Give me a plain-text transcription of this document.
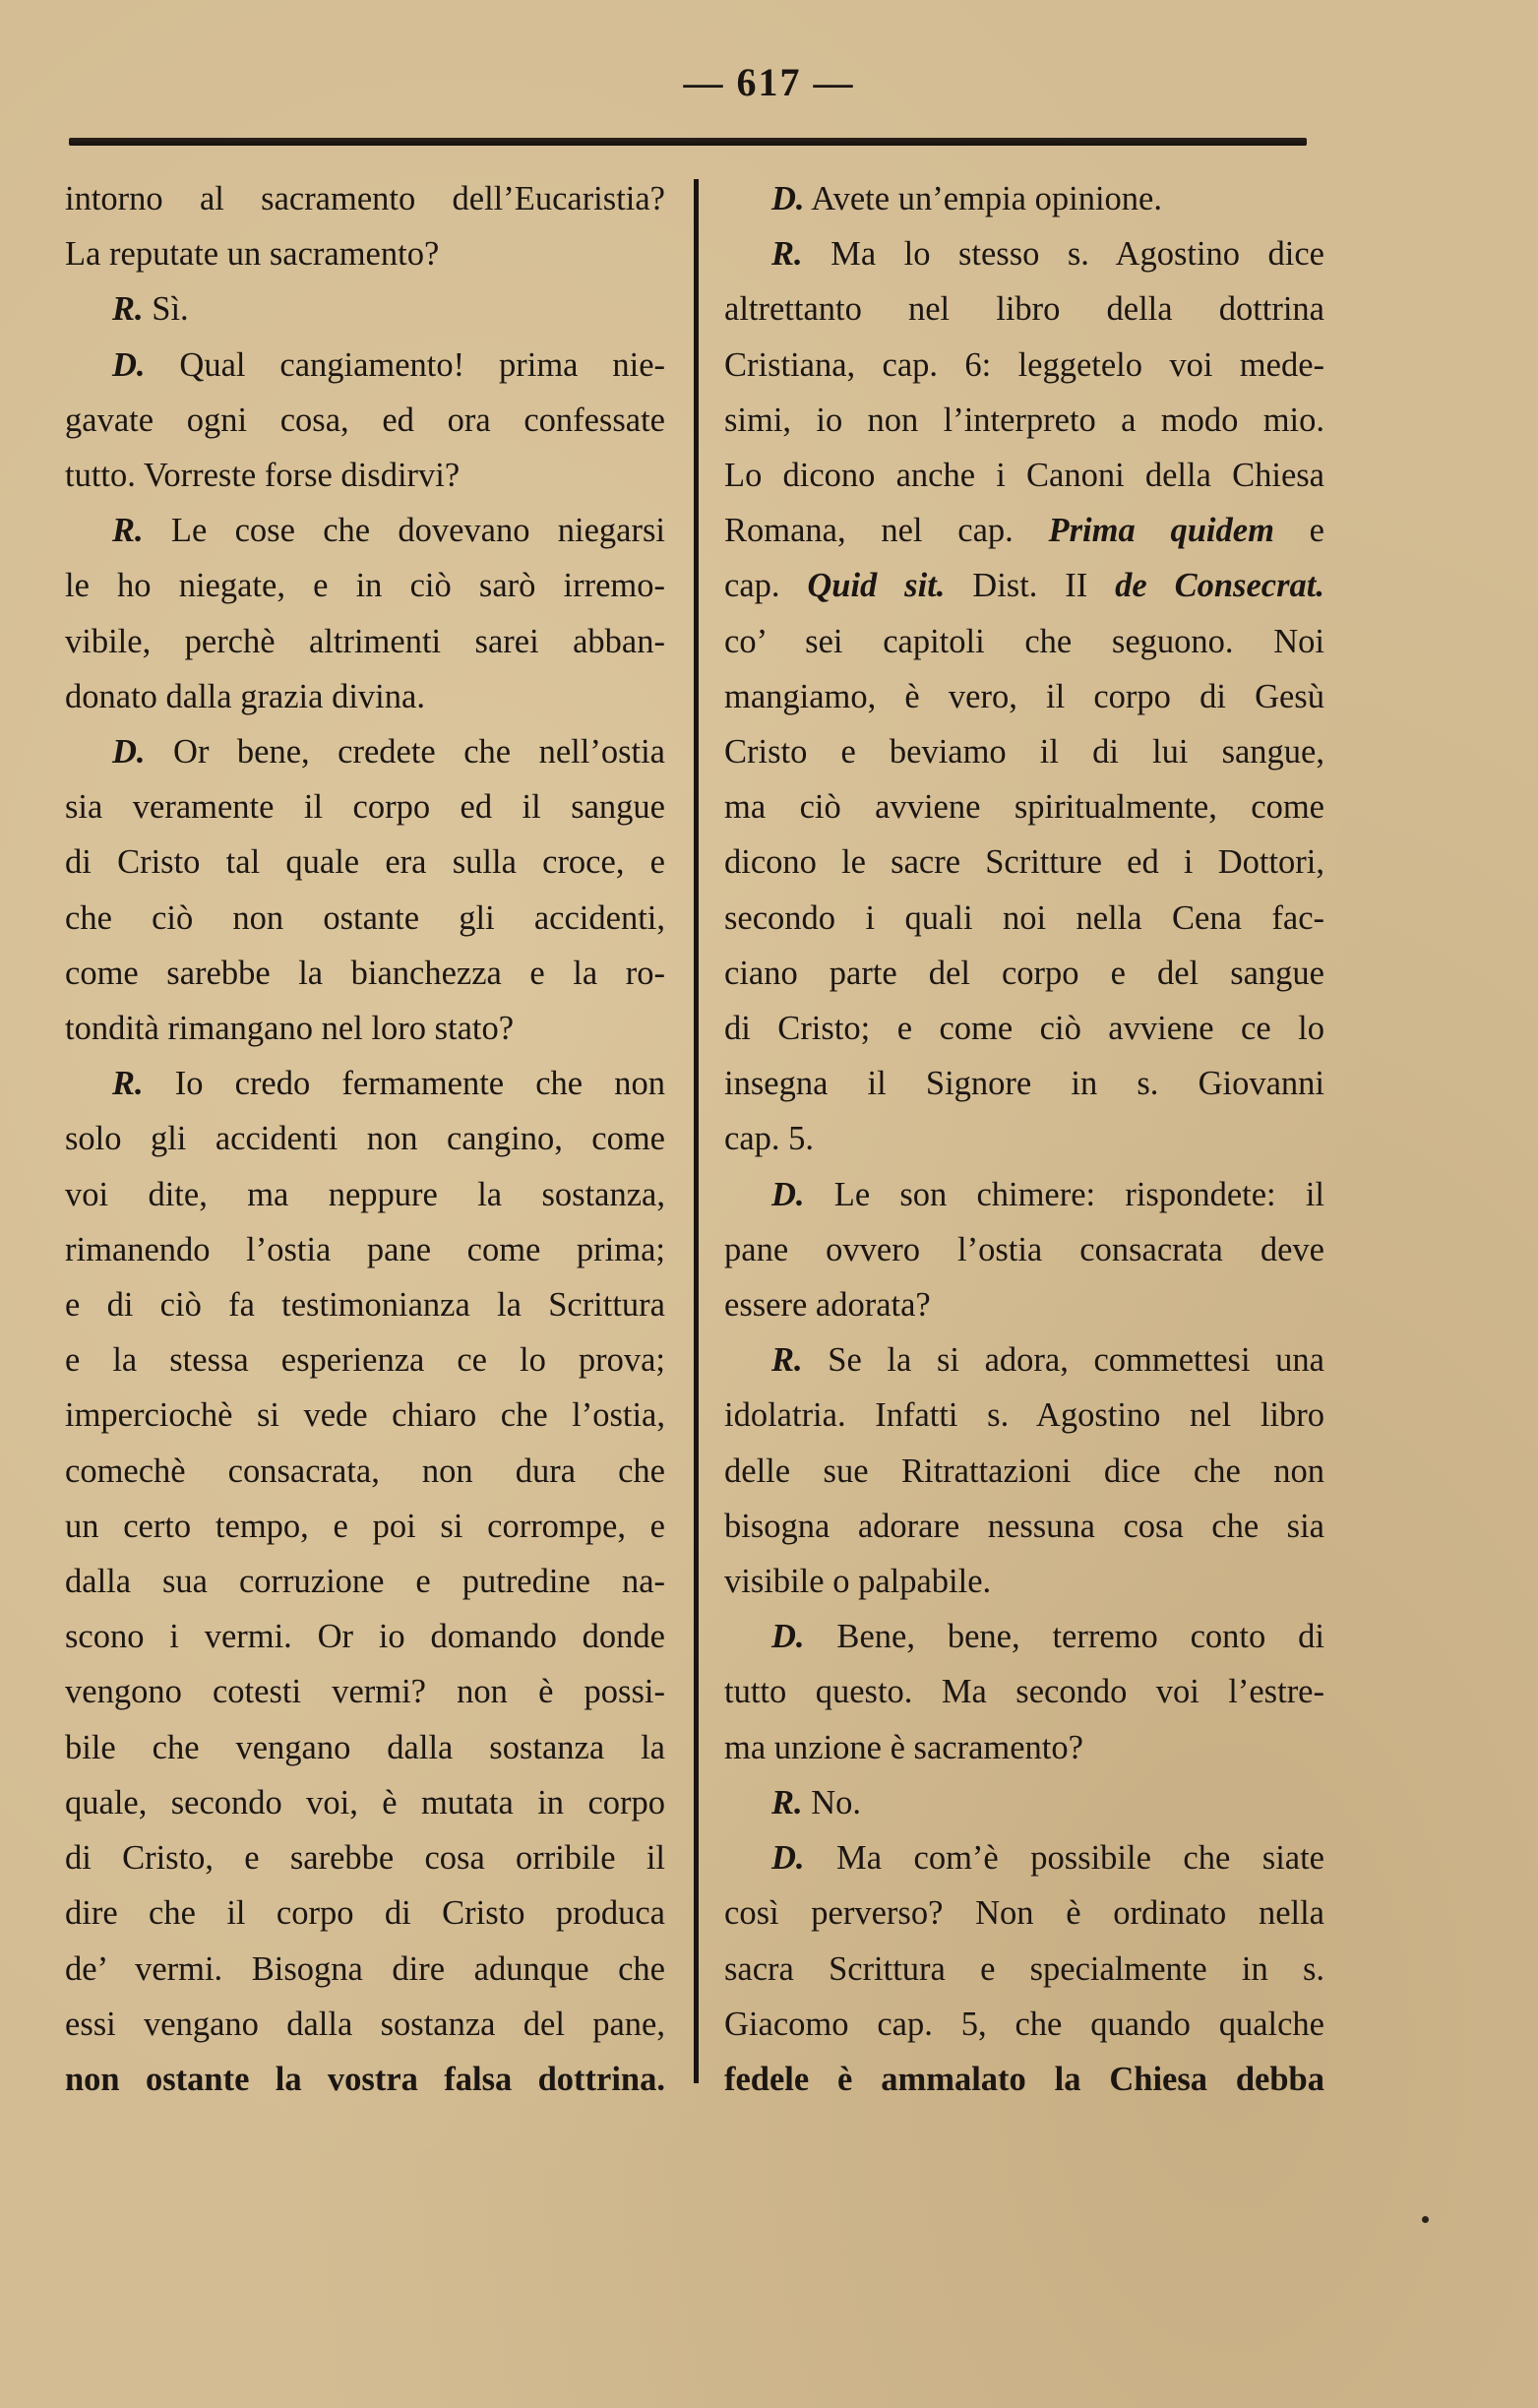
— 617 —
intorno al sacramento dell’Eucaristia?
La reputate un sacramento?
R. Sì.
D. Qual cangiamento! prima nie-
gavate ogni cosa, ed ora confessate
tutto. Vorreste forse disdirvi?
R. Le cose che dovevano niegarsi
le ho niegate, e in ciò sarò irremo-
vibile, perchè altrimenti sarei abban-
donato dalla grazia divina.
D. Or bene, credete che nell’ostia
sia veramente il corpo ed il sangue
di Cristo tal quale era sulla croce, e
che ciò non ostante gli accidenti,
come sarebbe la bianchezza e la ro-
tondità rimangano nel loro stato?
R. Io credo fermamente che non
solo gli accidenti non cangino, come
voi dite, ma neppure la sostanza,
rimanendo l’ostia pane come prima;
e di ciò fa testimonianza la Scrittura
e la stessa esperienza ce lo prova;
imperciochè si vede chiaro che l’ostia,
comechè consacrata, non dura che
un certo tempo, e poi si corrompe, e
dalla sua corruzione e putredine na-
scono i vermi. Or io domando donde
vengono cotesti vermi? non è possi-
bile che vengano dalla sostanza la
quale, secondo voi, è mutata in corpo
di Cristo, e sarebbe cosa orribile il
dire che il corpo di Cristo produca
de’ vermi. Bisogna dire adunque che
essi vengano dalla sostanza del pane,
non ostante la vostra falsa dottrina.
D. Avete un’empia opinione.
R. Ma lo stesso s. Agostino dice
altrettanto nel libro della dottrina
Cristiana, cap. 6: leggetelo voi mede-
simi, io non l’interpreto a modo mio.
Lo dicono anche i Canoni della Chiesa
Romana, nel cap. Prima quidem e
cap. Quid sit. Dist. II de Consecrat.
co’ sei capitoli che seguono. Noi
mangiamo, è vero, il corpo di Gesù
Cristo e beviamo il di lui sangue,
ma ciò avviene spiritualmente, come
dicono le sacre Scritture ed i Dottori,
secondo i quali noi nella Cena fac-
ciano parte del corpo e del sangue
di Cristo; e come ciò avviene ce lo
insegna il Signore in s. Giovanni
cap. 5.
D. Le son chimere: rispondete: il
pane ovvero l’ostia consacrata deve
essere adorata?
R. Se la si adora, commettesi una
idolatria. Infatti s. Agostino nel libro
delle sue Ritrattazioni dice che non
bisogna adorare nessuna cosa che sia
visibile o palpabile.
D. Bene, bene, terremo conto di
tutto questo. Ma secondo voi l’estre-
ma unzione è sacramento?
R. No.
D. Ma com’è possibile che siate
così perverso? Non è ordinato nella
sacra Scrittura e specialmente in s.
Giacomo cap. 5, che quando qualche
fedele è ammalato la Chiesa debba
